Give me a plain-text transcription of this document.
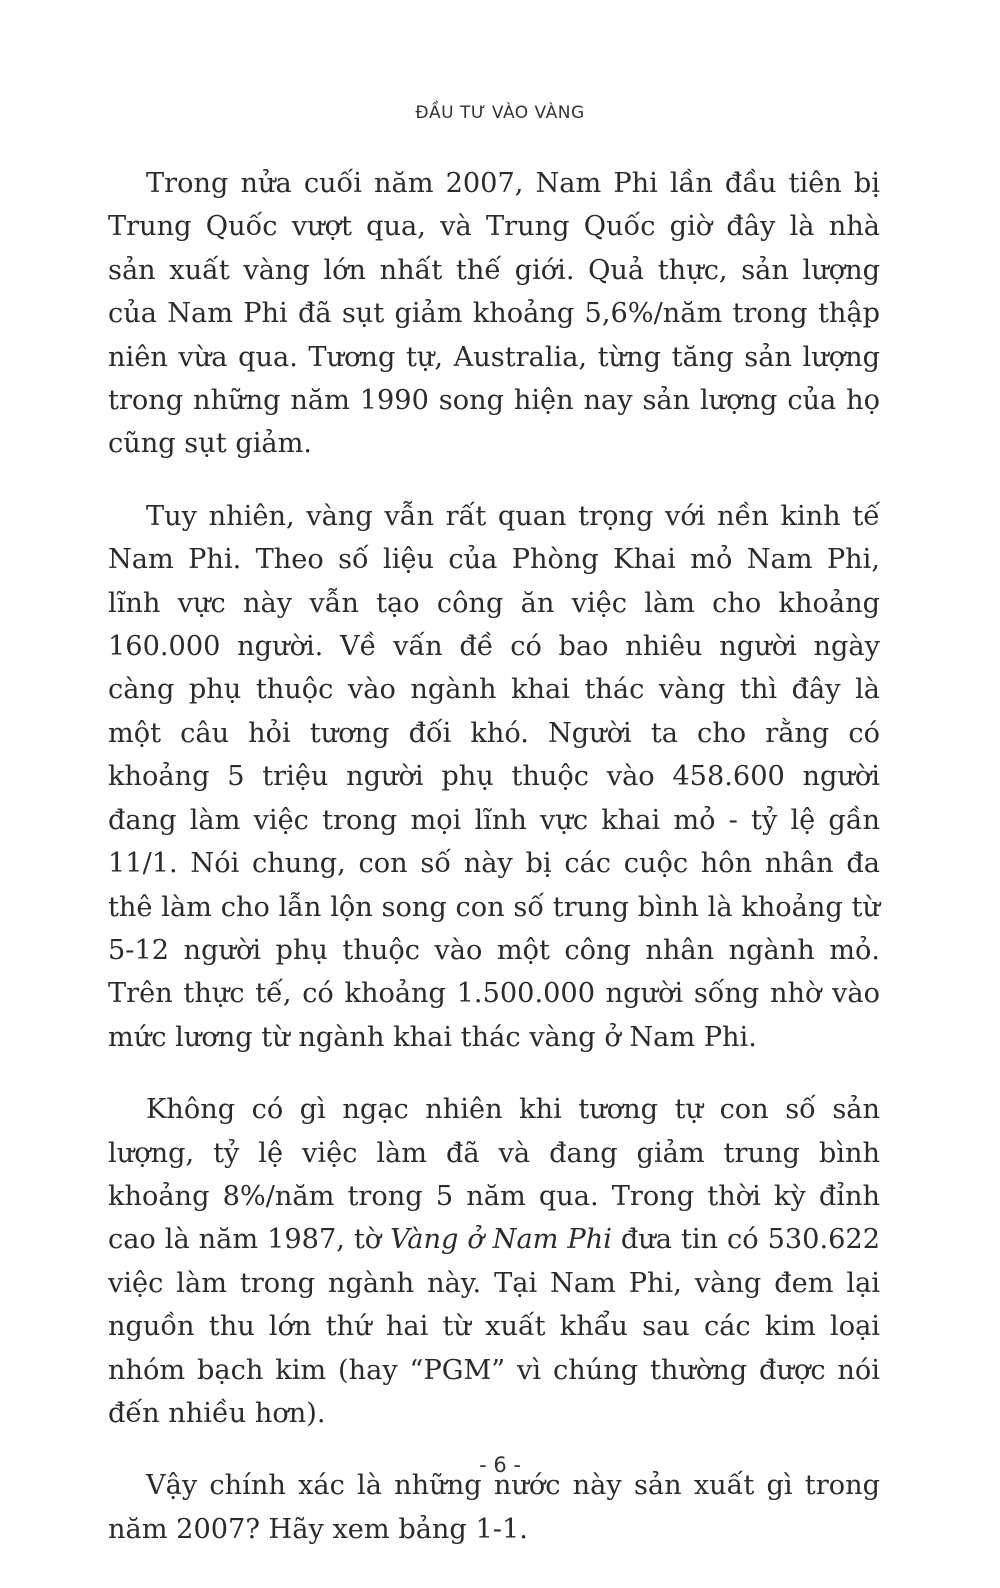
ĐẦU TƯ VÀO VÀNG

Trong nửa cuối năm 2007, Nam Phi lần đầu tiên bị Trung Quốc vượt qua, và Trung Quốc giờ đây là nhà sản xuất vàng lớn nhất thế giới. Quả thực, sản lượng của Nam Phi đã sụt giảm khoảng 5,6%/năm trong thập niên vừa qua. Tương tự, Australia, từng tăng sản lượng trong những năm 1990 song hiện nay sản lượng của họ cũng sụt giảm.

Tuy nhiên, vàng vẫn rất quan trọng với nền kinh tế Nam Phi. Theo số liệu của Phòng Khai mỏ Nam Phi, lĩnh vực này vẫn tạo công ăn việc làm cho khoảng 160.000 người. Về vấn đề có bao nhiêu người ngày càng phụ thuộc vào ngành khai thác vàng thì đây là một câu hỏi tương đối khó. Người ta cho rằng có khoảng 5 triệu người phụ thuộc vào 458.600 người đang làm việc trong mọi lĩnh vực khai mỏ - tỷ lệ gần 11/1. Nói chung, con số này bị các cuộc hôn nhân đa thê làm cho lẫn lộn song con số trung bình là khoảng từ 5-12 người phụ thuộc vào một công nhân ngành mỏ. Trên thực tế, có khoảng 1.500.000 người sống nhờ vào mức lương từ ngành khai thác vàng ở Nam Phi.

Không có gì ngạc nhiên khi tương tự con số sản lượng, tỷ lệ việc làm đã và đang giảm trung bình khoảng 8%/năm trong 5 năm qua. Trong thời kỳ đỉnh cao là năm 1987, tờ Vàng ở Nam Phi đưa tin có 530.622 việc làm trong ngành này. Tại Nam Phi, vàng đem lại nguồn thu lớn thứ hai từ xuất khẩu sau các kim loại nhóm bạch kim (hay “PGM” vì chúng thường được nói đến nhiều hơn).

Vậy chính xác là những nước này sản xuất gì trong năm 2007? Hãy xem bảng 1-1.

- 6 -
